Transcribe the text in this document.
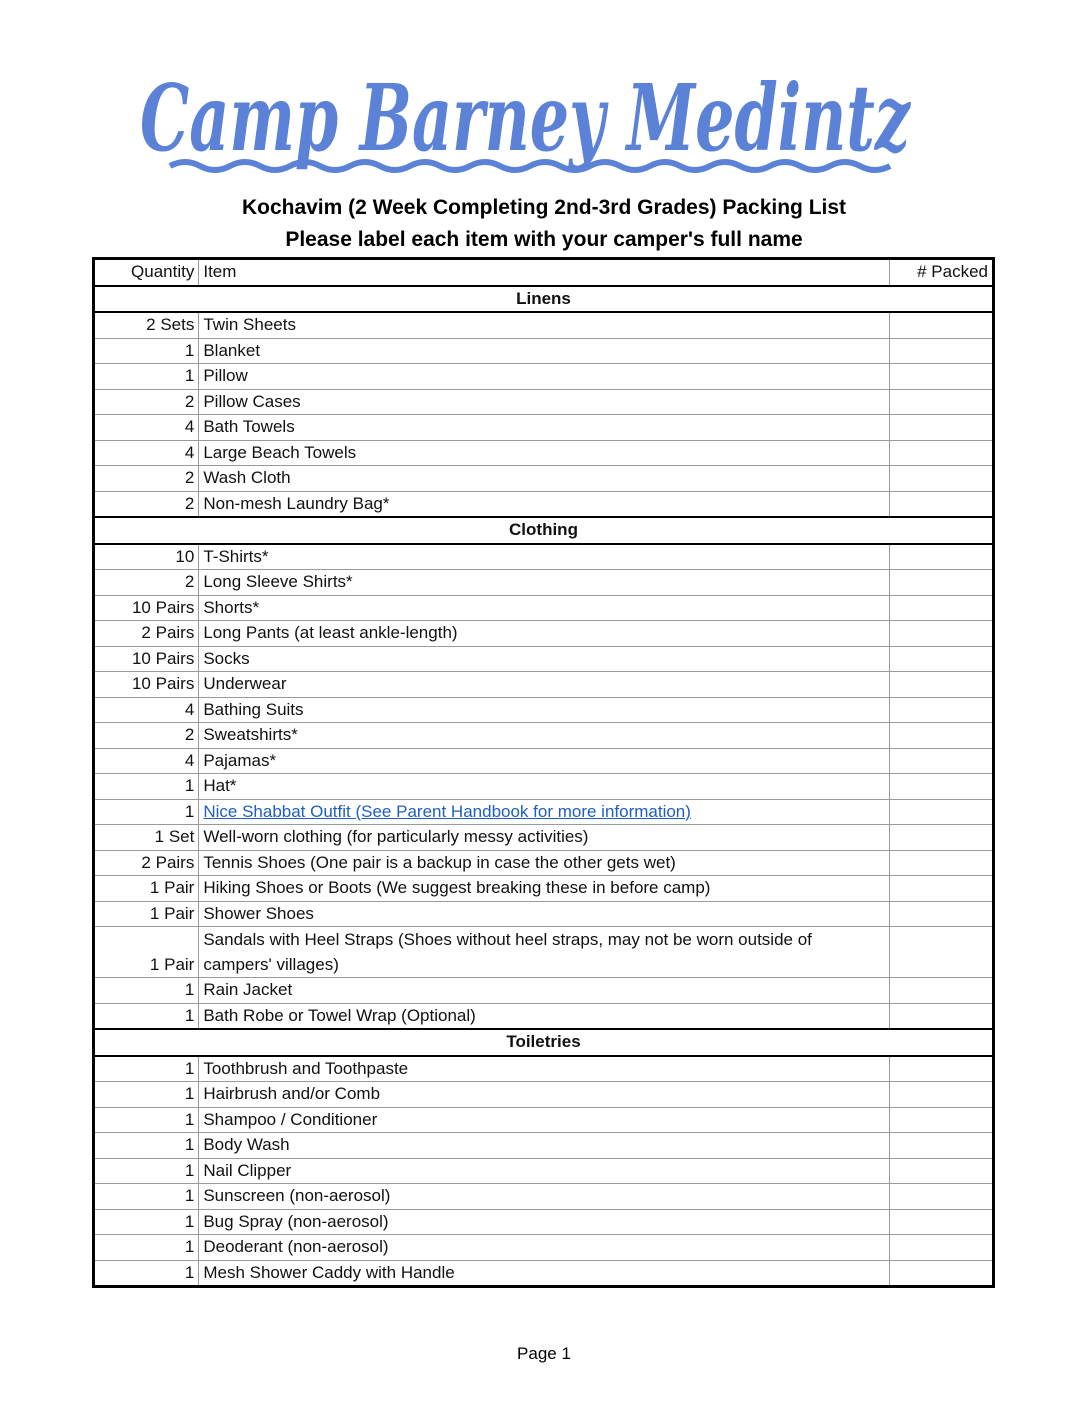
Camp Barney Medintz
Kochavim (2 Week Completing 2nd-3rd Grades) Packing List
Please label each item with your camper's full name
Quantity	Item	# Packed
Linens		
2 Sets	Twin Sheets	
1	Blanket	
1	Pillow	
2	Pillow Cases	
4	Bath Towels	
4	Large Beach Towels	
2	Wash Cloth	
2	Non-mesh Laundry Bag*	
Clothing		
10	T-Shirts*	
2	Long Sleeve Shirts*	
10 Pairs	Shorts*	
2 Pairs	Long Pants (at least ankle-length)	
10 Pairs	Socks	
10 Pairs	Underwear	
4	Bathing Suits	
2	Sweatshirts*	
4	Pajamas*	
1	Hat*	
1	Nice Shabbat Outfit (See Parent Handbook for more information)	
1 Set	Well-worn clothing (for particularly messy activities)	
2 Pairs	Tennis Shoes (One pair is a backup in case the other gets wet)	
1 Pair	Hiking Shoes or Boots (We suggest breaking these in before camp)	
1 Pair	Shower Shoes	
1 Pair	Sandals with Heel Straps (Shoes without heel straps, may not be worn outside of campers' villages)	
1	Rain Jacket	
1	Bath Robe or Towel Wrap (Optional)	
Toiletries		
1	Toothbrush and Toothpaste	
1	Hairbrush and/or Comb	
1	Shampoo / Conditioner	
1	Body Wash	
1	Nail Clipper	
1	Sunscreen (non-aerosol)	
1	Bug Spray (non-aerosol)	
1	Deoderant (non-aerosol)	
1	Mesh Shower Caddy with Handle	
Page 1
